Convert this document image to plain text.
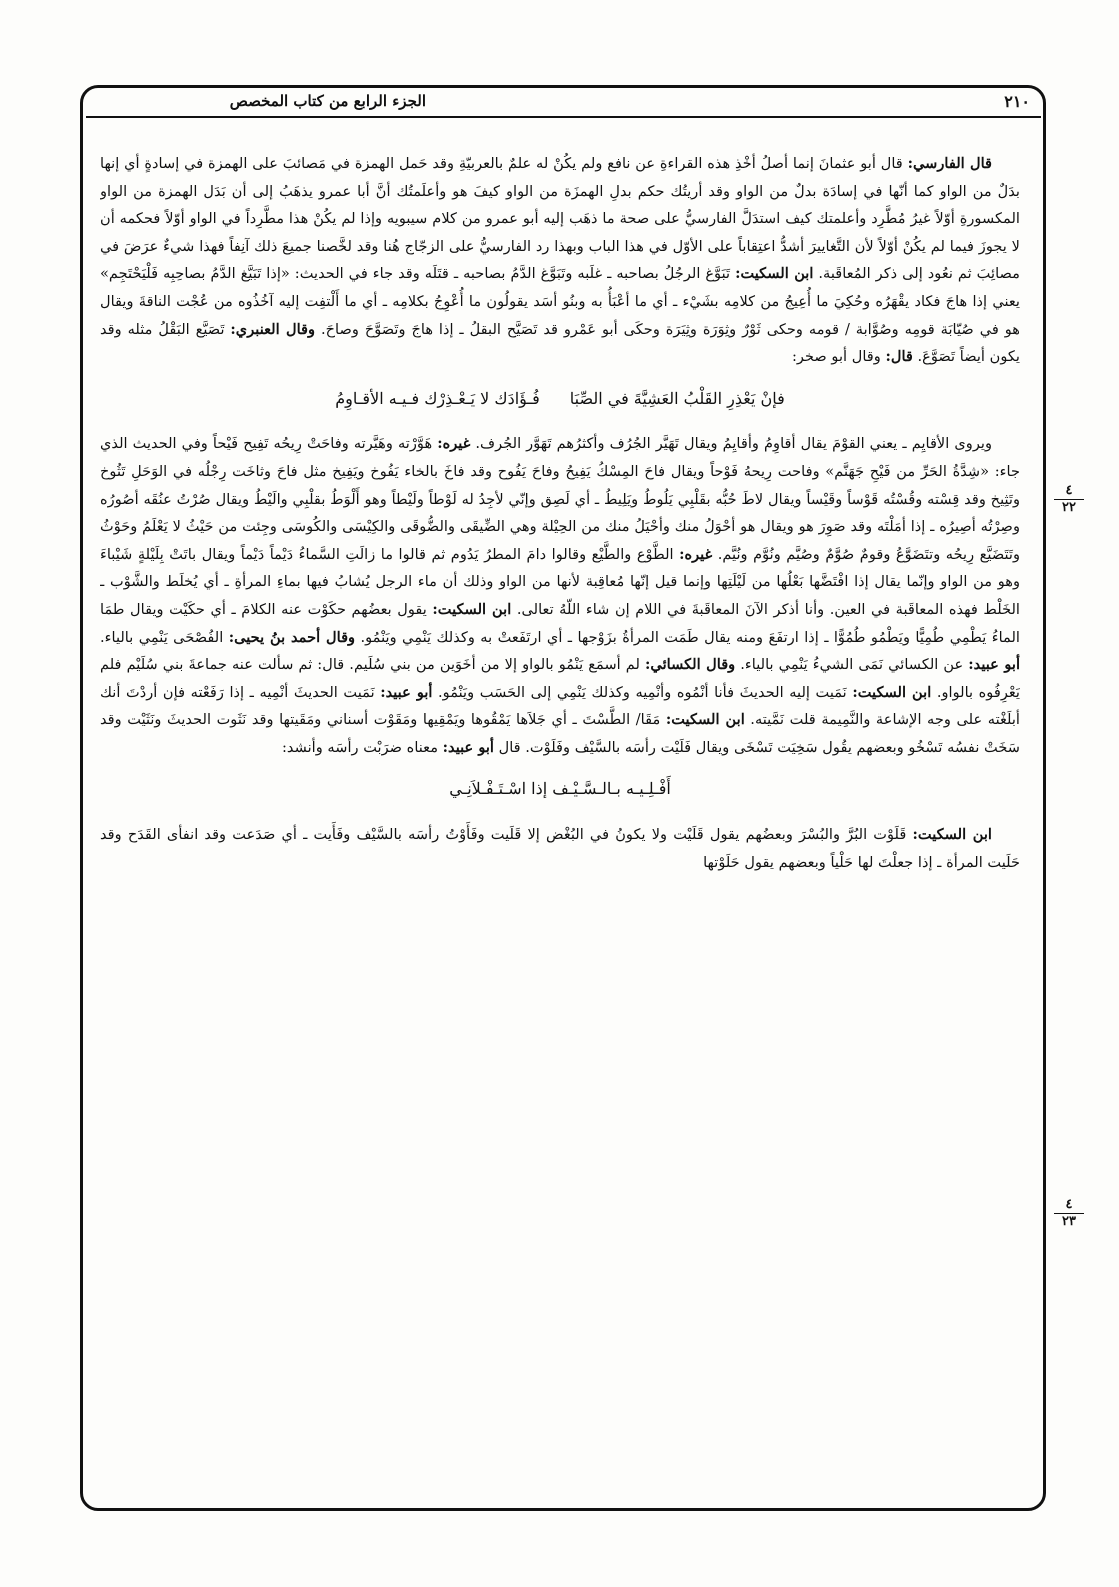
٢١٠
الجزء الرابع من كتاب المخصص
٤
٢٢
٤
٢٣

قال الفارسي: قال أبو عثمانَ إنما أصلُ أخْذِ هذه القراءةِ عن نافع ولم يكُنْ له علمٌ بالعربيّةِ وقد حَمل الهمزة في مَصائبَ على الهمزة في إسادةٍ أي إنها بدَلٌ من الواو كما أنّها في إسادَة بدلٌ من الواو وقد أريتُك حكم بدلِ الهمزَة من الواو كيفَ هو وأعلَمتُك أنَّ أبا عمرو يذهَبُ إلى أن بَدَل الهمزة من الواو المكسورةِ أوّلاً غيرُ مُطَّرِد وأعلمتك كيف استدَلَّ الفارسيُّ على صحة ما ذهَب إليه أبو عمرو من كلام سيبويه وإذا لم يكُنْ هذا مطَّرِداً في الواو أوّلاً فحكمه أن لا يجوزَ فيما لم يكُنْ أوّلاً لأن التَّغاييرَ أشدُّ اعتِقاباً على الأوّل في هذا الباب وبهذا رد الفارسيُّ على الزجّاج هُنا وقد لخَّصنا جميعَ ذلك آنِفاً فهذا شيءٌ عرَضَ في مصائِبَ ثم نعُود إلى ذكر المُعاقَبة. ابن السكيت: تَبَوَّغ الرجُلُ بصاحبه ـ غلَبه وتَبَوَّغ الدَّمُ بصاحبه ـ قتَلَه وقد جاء في الحديث: «إذا تَبَيَّغ الدَّمُ بصاحِبِه فَلْيَحْتَجِم» يعني إذا هاجَ فكاد يقْهَرُه وحُكِيَ ما أُعِيجُ من كلامِه بشَيْء ـ أي ما أعْبَأُ به وبنُو أسَد يقولُون ما أُعْوِجُ بكلامِه ـ أي ما أَلْتفِت إليه آخُذُوه من عُجْت الناقةَ ويقال هو في صُيّابَة قومِه وصُوَّابة / قومه وحكى ثَوْرٌ وثِوَرَة وثِيَرَة وحكَى أبو عَمْرو قد تَصَيَّح البقلُ ـ إذا هاجَ وتَصَوَّحَ وصاحَ. وقال العنبري: تَصَيَّع البَقْلُ مثله وقد يكون أيضاً تَصَوَّعَ. قال: وقال أبو صخر:

فإنْ يَعْذِرِ القَلْبُ العَشِيَّةَ في الصِّبَافُـؤَادَك لا يَـعْـذِرْك فـيـه الأقـاوِمُ

ويروى الأقايِم ـ يعني القوْمَ يقال أقاوِمُ وأقايِمُ ويقال تَهَيَّر الجُرُف وأكثرُهم تَهَوَّر الجُرف. غيره: هَوَّرْته وهَيَّرته وفاحَتْ رِيحُه تَفِيح فَيْحاً وفي الحديث الذي جاء: «شِدَّةُ الحَرِّ من فَيْحِ جَهَنَّم» وفاحت رِيحهُ فَوْحاً ويقال فاحَ المِسْكُ يَفِيحُ وفاحَ يَفُوح وقد فاخَ بالخاء يَفُوخ ويَفِيخ مثل فاحَ وثاخَت رِجْلُه في الوَحَلِ تَثُوخ وتَثِيخ وقد قِسْته وقُسْتُه قَوْساً وقَيْساً ويقال لاطَ حُبُّه بقَلْبِي يَلُوطُ ويَلِيطُ ـ أي لَصِق وإنّي لأجِدُ له لَوْطاً ولَيْطاً وهو أَلْوَطُ بقلْبِي والَيْطُ ويقال صُرْتُ عنُقَه أصُورُه وصِرْتُه أصِيرُه ـ إذا أمَلْتَه وقد صَوِرَ هو ويقال هو أحْوَلُ منك وأحْيَلُ منك من الحِيْلة وهي الضِّيقَى والضُّوقَى والكِيْسَى والكُوسَى وجِئت من حَيْثُ لا يَعْلَمُ وحَوْثُ وتَتَضَيَّع رِيحُه وتتَضَوَّعُ وقومٌ صُوَّمٌ وصُيَّم ونُوَّم ونُيَّم. غيره: الطَّوْع والطَّيْع وقالوا دامَ المطرُ يَدُوم ثم قالوا ما زالَتِ السَّماءُ دَيْماً دَيْماً ويقال باتَتْ بِلَيْلةٍ شَيْباءَ وهو من الواو وإنّما يقال إذا افْتَضَّها بَعْلُها من لَيْلَتِها وإنما قيل إنّها مُعاقِبة لأنها من الواو وذلك أن ماء الرجل يُشابُ فيها بماءِ المرأةِ ـ أي يُخلَط والشَّوْب ـ الخَلْط فهذه المعاقَبة في العين. وأنا أذكر الآنَ المعاقَبةَ في اللام إن شاء اللّهُ تعالى. ابن السكيت: يقول بعضُهم حكَوْت عنه الكلامَ ـ أي حكَيْت ويقال طمَا الماءُ يَطْمِي طُمِيًّا ويَطْمُو طُمُوًّا ـ إذا ارتفَعَ ومنه يقال طَمَت المرأةُ بزَوْجها ـ أي ارتَفَعتْ به وكذلك يَنْمِي ويَنْمُو. وقال أحمد بنُ يحيى: الفُصْحَى يَنْمِي بالياء. أبو عبيد: عن الكسائي نَمَى الشيءُ يَنْمِي بالياء. وقال الكسائي: لم أسمَع يَنْمُو بالواو إلا من أخَوَين من بني سُلَيم. قال: ثم سألت عنه جماعةَ بني سُلَيْم فلم يَعْرِفُوه بالواو. ابن السكيت: نَمَيت إليه الحديثَ فأنا أنْمُوه وأنْمِيه وكذلك يَنْمِي إلى الحَسَب ويَنْمُو. أبو عبيد: نَمَيت الحديثَ أنْمِيه ـ إذا رَفَعْته فإن أردْتَ أنك أبلَغْته على وجه الإشاعة والنَّمِيمة قلت نَمَّيته. ابن السكيت: مَقَا/ الطَّسْتَ ـ أي جَلاَها يَمْقُوها ويَمْقِيها ومَقَوْت أسناني ومَقَيتها وقد نَثَوت الحديثَ ونَثَيْت وقد سَخَتْ نفسُه تَسْخُو وبعضهم يقُول سَخِيَت تَسْخَى ويقال فَلَيْت رأسَه بالسَّيْف وفَلَوْت. قال أبو عبيد: معناه ضرَبْت رأسَه وأنشد:

أَفْـلِـيـه بـالـسَّـيْـف إذا اسْـتَـفْـلاَنِـي

ابن السكيت: قَلَوْت البُرَّ والبُسْرَ وبعضُهم يقول قَلَيْت ولا يكونُ في البُغْض إلا قَلَيت وفَأَوْتُ رأسَه بالسَّيْف وفَأَيت ـ أي صَدَعت وقد انفأى القَدَح وقد حَلَيت المرأة ـ إذا جعلْتَ لها حَلْياً وبعضهم يقول حَلَوْتها
